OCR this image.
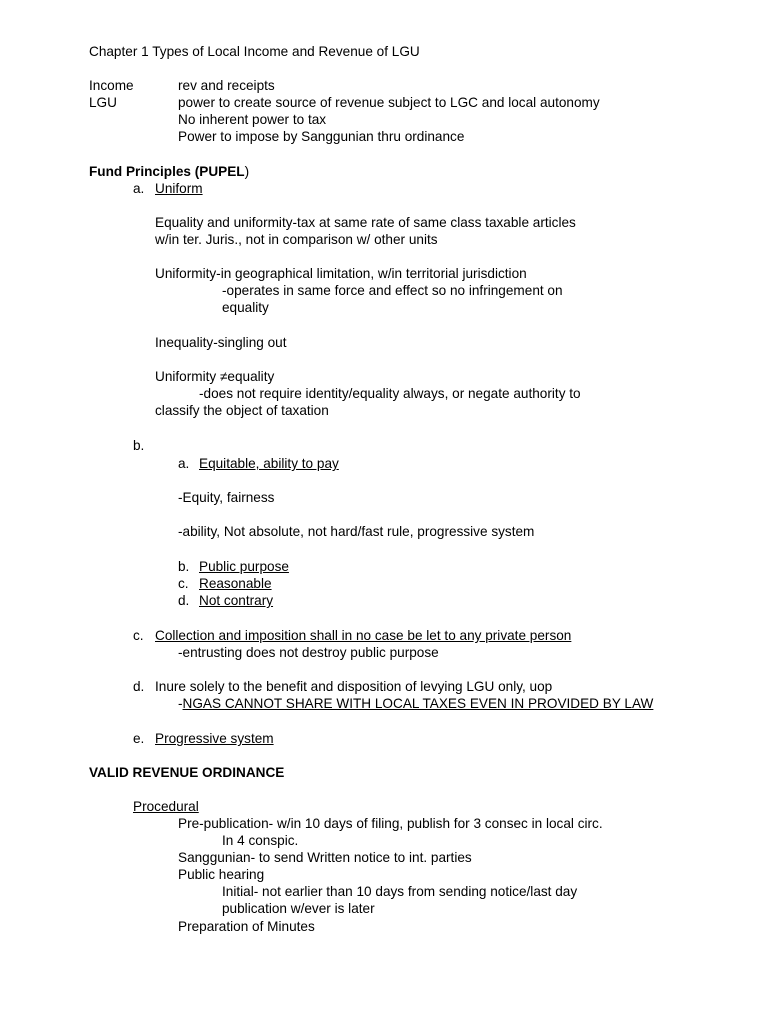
Chapter 1 Types of Local Income and Revenue of LGU
Income	rev and receipts
LGU	power to create source of revenue subject to LGC and local autonomy
No inherent power to tax
Power to impose by Sanggunian thru ordinance
Fund Principles (PUPEL)
a. Uniform
Equality and uniformity-tax at same rate of same class taxable articles
w/in ter. Juris., not in comparison w/ other units
Uniformity-in geographical limitation, w/in territorial jurisdiction
-operates in same force and effect so no infringement on
equality
Inequality-singling out
Uniformity ≠equality
-does not require identity/equality always, or negate authority to
classify the object of taxation
b.
a. Equitable, ability to pay
-Equity, fairness
-ability, Not absolute, not hard/fast rule, progressive system
b. Public purpose
c. Reasonable
d. Not contrary
c. Collection and imposition shall in no case be let to any private person
-entrusting does not destroy public purpose
d. Inure solely to the benefit and disposition of levying LGU only, uop
-NGAS CANNOT SHARE WITH LOCAL TAXES EVEN IN PROVIDED BY LAW
e. Progressive system
VALID REVENUE ORDINANCE
Procedural
Pre-publication- w/in 10 days of filing, publish for 3 consec in local circ.
In 4 conspic.
Sanggunian- to send Written notice to int. parties
Public hearing
Initial- not earlier than 10 days from sending notice/last day
publication w/ever is later
Preparation of Minutes
